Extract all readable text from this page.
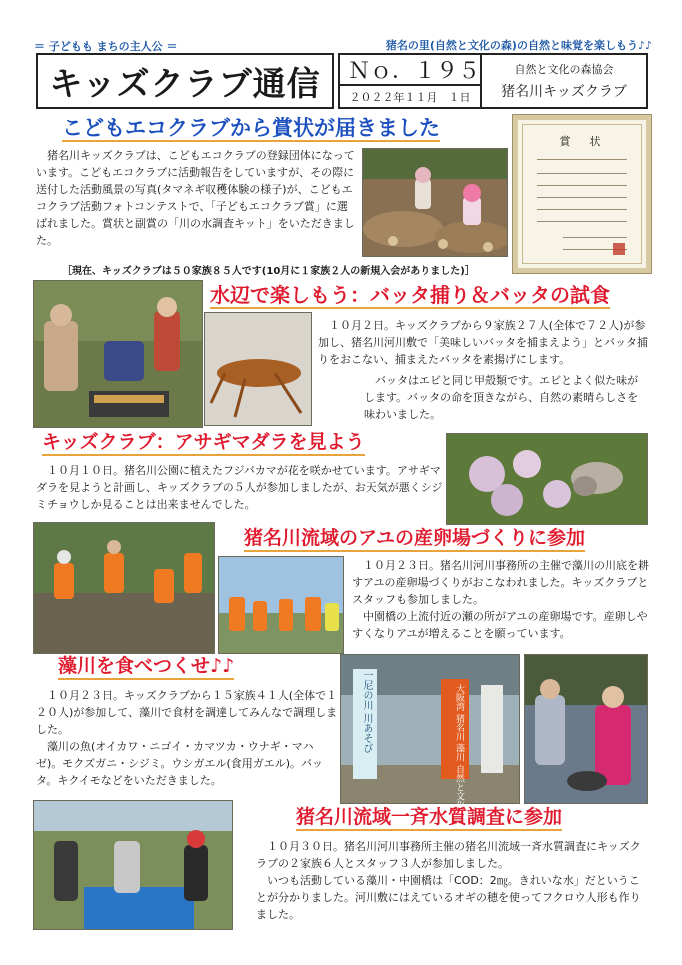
＝ 子どもも まちの主人公 ＝	猪名の里(自然と文化の森)の自然と味覚を楽しもう♪♪
キッズクラブ通信	Ｎｏ．１９５
２０２２年１１月　１日
自然と文化の森協会
猪名川キッズクラブ
こどもエコクラブから賞状が届きました

　猪名川キッズクラブは、こどもエコクラブの登録団体になっています。こどもエコクラブに活動報告をしていますが、その際に送付した活動風景の写真(タマネギ収穫体験の様子)が、こどもエコクラブ活動フォトコンテストで、「子どもエコクラブ賞」に選ばれました。賞状と副賞の「川の水調査キット」をいただきました。

賞　状
［現在、キッズクラブは５０家族８５人です(10月に１家族２人の新規入会がありました)］
水辺で楽しもう：バッタ捕り＆バッタの試食

　１０月２日。キッズクラブから９家族２７人(全体で７２人)が参加し、猪名川河川敷で「美味しいバッタを捕まえよう」とバッタ捕りをおこない、捕まえたバッタを素揚げにします。

　バッタはエビと同じ甲殻類です。エビとよく似た味がします。バッタの命を頂きながら、自然の素晴らしさを味わいました。

キッズクラブ：アサギマダラを見よう

　１０月１０日。猪名川公園に植えたフジバカマが花を咲かせています。アサギマダラを見ようと計画し、キッズクラブの５人が参加しましたが、お天気が悪くシジミチョウしか見ることは出来ませんでした。

猪名川流域のアユの産卵場づくりに参加

　１０月２３日。猪名川河川事務所の主催で藻川の川底を耕すアユの産卵場づくりがおこなわれました。キッズクラブとスタッフも参加しました。

　中園橋の上流付近の瀬の所がアユの産卵場です。産卵しやすくなりアユが増えることを願っています。

藻川を食べつくせ♪♪

　１０月２３日。キッズクラブから１５家族４１人(全体で１２０人)が参加して、藻川で食材を調達してみんなで調理しました。

　藻川の魚(オイカワ・ニゴイ・カマツカ・ウナギ・マハゼ)。モクズガニ・シジミ。ウシガエル(食用ガエル)。バッタ。キクイモなどをいただきました。

一尼の川 川あそび	大阪湾 猪名川 藻川 自然と文化の森
猪名川流域一斉水質調査に参加

　１０月３０日。猪名川河川事務所主催の猪名川流域一斉水質調査にキッズクラブの２家族６人とスタッフ３人が参加しました。

　いつも活動している藻川・中園橋は「COD：2㎎。きれいな水」だということが分かりました。河川敷にはえているオギの穂を使ってフクロウ人形も作りました。
